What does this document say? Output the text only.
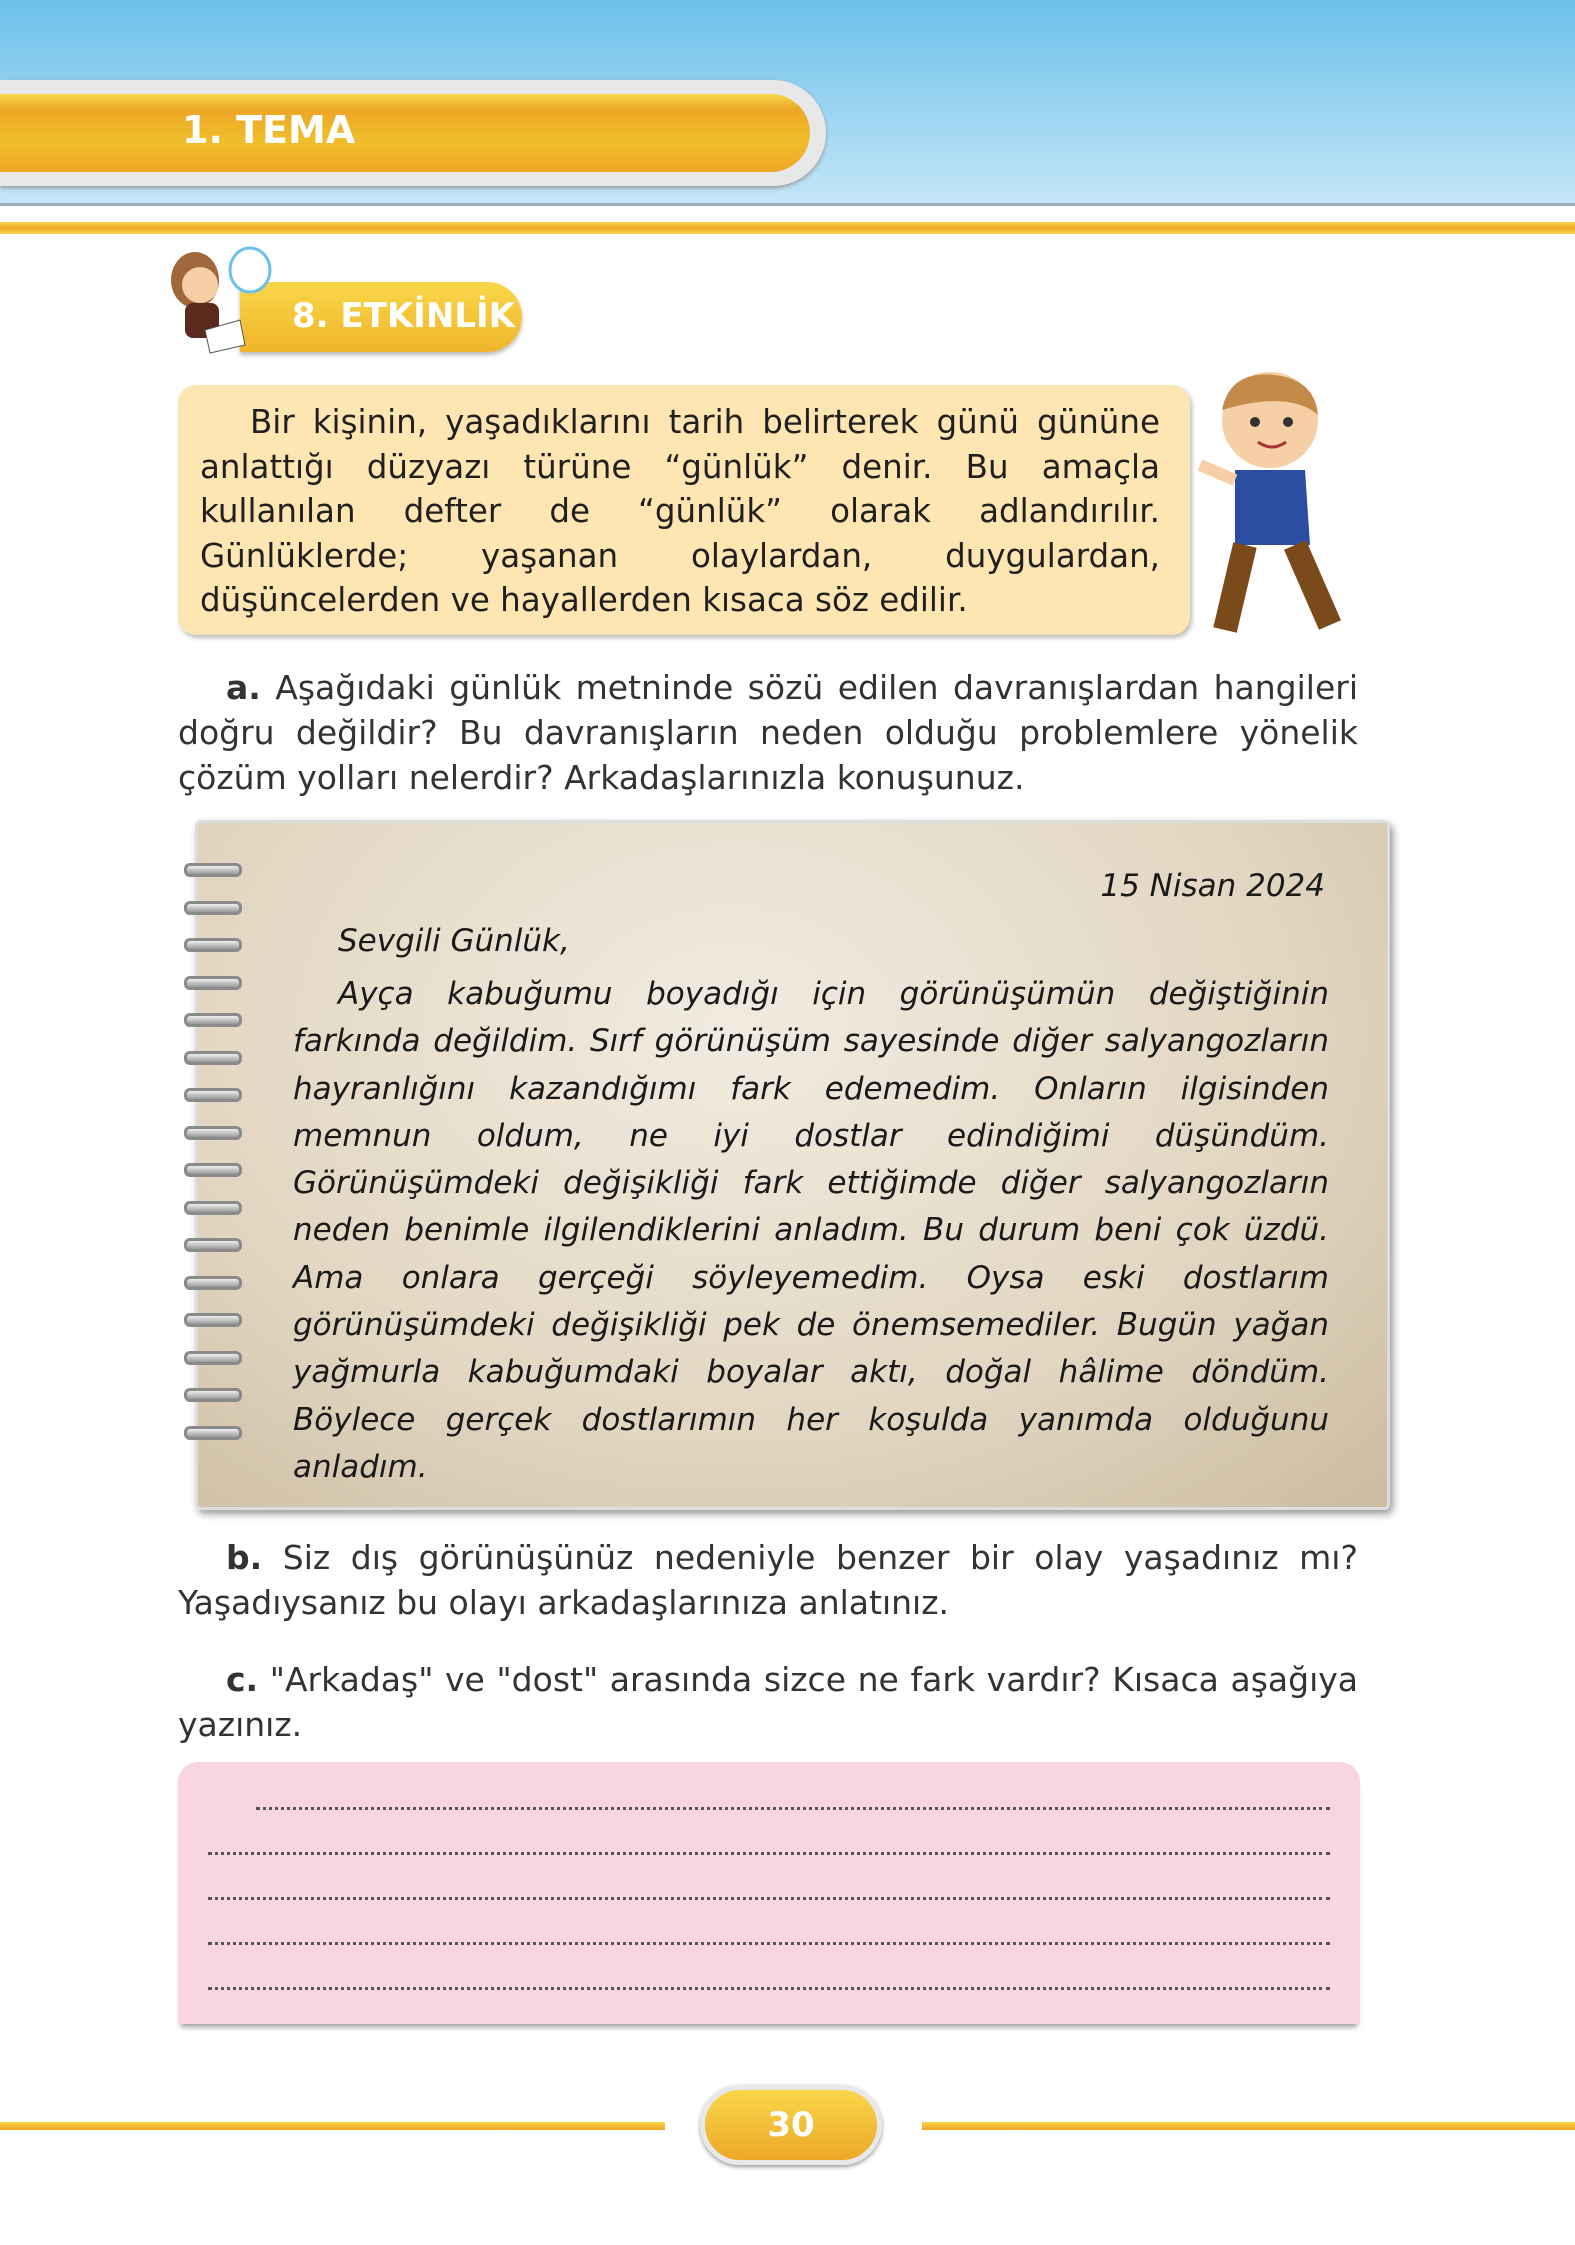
1. TEMA
8. ETKİNLİK
Bir kişinin, yaşadıklarını tarih belirterek günü gününe anlattığı düzyazı türüne “günlük” denir. Bu amaçla kullanılan defter de “günlük” olarak adlandırılır. Günlüklerde; yaşanan olaylardan, duygulardan, düşüncelerden ve hayallerden kısaca söz edilir.
a. Aşağıdaki günlük metninde sözü edilen davranışlardan hangileri doğru değildir? Bu davranışların neden olduğu problemlere yönelik çözüm yolları nelerdir? Arkadaşlarınızla konuşunuz.
15 Nisan 2024
Sevgili Günlük,
Ayça kabuğumu boyadığı için görünüşümün değiştiğinin farkında değildim. Sırf görünüşüm sayesinde diğer salyangozların hayranlığını kazandığımı fark edemedim. Onların ilgisinden memnun oldum, ne iyi dostlar edindiğimi düşündüm. Görünüşümdeki değişikliği fark ettiğimde diğer salyangozların neden benimle ilgilendiklerini anladım. Bu durum beni çok üzdü. Ama onlara gerçeği söyleyemedim. Oysa eski dostlarım görünüşümdeki değişikliği pek de önemsemediler. Bugün yağan yağmurla kabuğumdaki boyalar aktı, doğal hâlime döndüm. Böylece gerçek dostlarımın her koşulda yanımda olduğunu anladım.
b. Siz dış görünüşünüz nedeniyle benzer bir olay yaşadınız mı? Yaşadıysanız bu olayı arkadaşlarınıza anlatınız.
c. "Arkadaş" ve "dost" arasında sizce ne fark vardır? Kısaca aşağıya yazınız.
30
